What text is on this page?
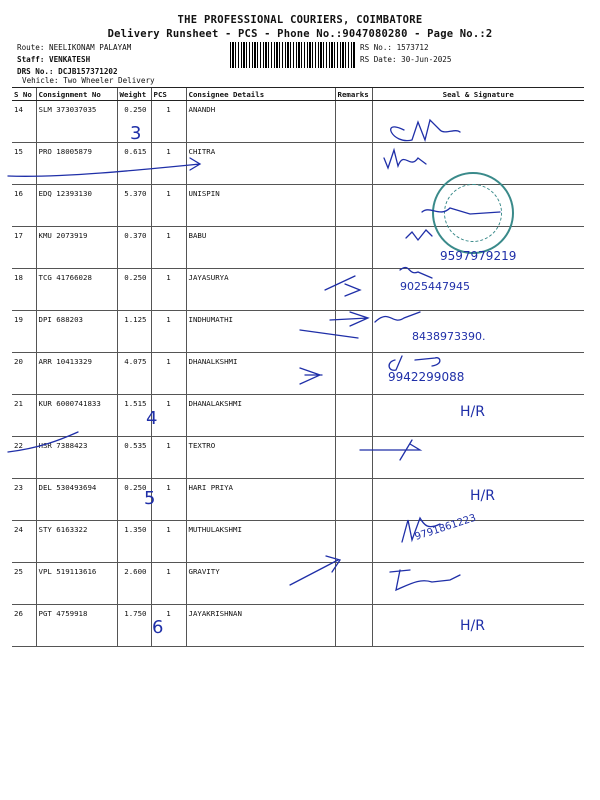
THE PROFESSIONAL COURIERS, COIMBATORE
Delivery Runsheet - PCS - Phone No.:9047080280 - Page No.:2
Route: NEELIKONAM PALAYAM
Staff: VENKATESH
DRS No.: DCJB157371202
Vehicle: Two Wheeler Delivery
RS No.: 1573712
RS Date: 30-Jun-2025
S No	Consignment No	Weight	PCS	Consignee Details	Remarks	Seal & Signature
14	SLM 373037035	0.250	1	ANANDH		
15	PRO 18005879	0.615	1	CHITRA		
16	EDQ 12393130	5.370	1	UNISPIN		
17	KMU 2073919	0.370	1	BABU		
18	TCG 41766028	0.250	1	JAYASURYA		
19	DPI 688203	1.125	1	INDHUMATHI		
20	ARR 10413329	4.075	1	DHANALKSHMI		
21	KUR 6000741833	1.515	1	DHANALAKSHMI		
22	HSR 7388423	0.535	1	TEXTRO		
23	DEL 530493694	0.250	1	HARI PRIYA		
24	STY 6163322	1.350	1	MUTHULAKSHMI		
25	VPL 519113616	2.600	1	GRAVITY		
26	PGT 4759918	1.750	1	JAYAKRISHNAN		
3
4
5
6
9597979219
9025447945
8438973390.
9942299088
H/R
H/R
9791861223
H/R
